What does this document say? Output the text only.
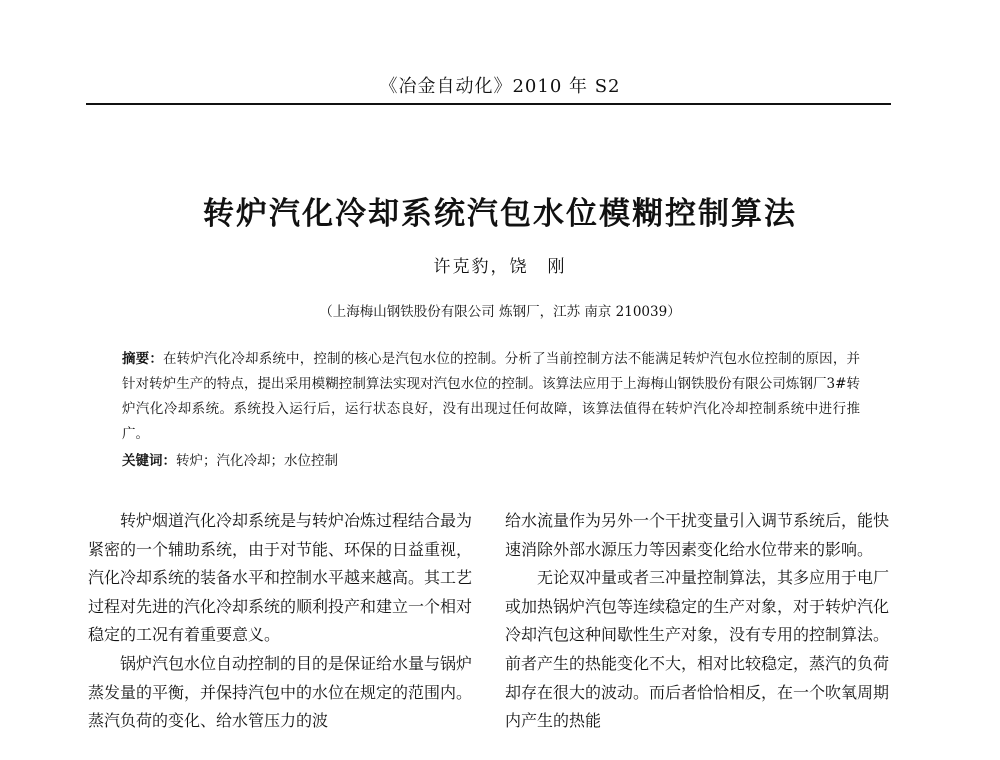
《冶金自动化》2010 年 S2
转炉汽化冷却系统汽包水位模糊控制算法
许克豹，饶　刚
（上海梅山钢铁股份有限公司 炼钢厂，江苏 南京 210039）
摘要：在转炉汽化冷却系统中，控制的核心是汽包水位的控制。分析了当前控制方法不能满足转炉汽包水位控制的原因，并针对转炉生产的特点，提出采用模糊控制算法实现对汽包水位的控制。该算法应用于上海梅山钢铁股份有限公司炼钢厂3#转炉汽化冷却系统。系统投入运行后，运行状态良好，没有出现过任何故障，该算法值得在转炉汽化冷却控制系统中进行推广。
关键词：转炉；汽化冷却；水位控制

转炉烟道汽化冷却系统是与转炉冶炼过程结合最为紧密的一个辅助系统，由于对节能、环保的日益重视，汽化冷却系统的装备水平和控制水平越来越高。其工艺过程对先进的汽化冷却系统的顺利投产和建立一个相对稳定的工况有着重要意义。

锅炉汽包水位自动控制的目的是保证给水量与锅炉蒸发量的平衡，并保持汽包中的水位在规定的范围内。蒸汽负荷的变化、给水管压力的波

给水流量作为另外一个干扰变量引入调节系统后，能快速消除外部水源压力等因素变化给水位带来的影响。

无论双冲量或者三冲量控制算法，其多应用于电厂或加热锅炉汽包等连续稳定的生产对象，对于转炉汽化冷却汽包这种间歇性生产对象，没有专用的控制算法。前者产生的热能变化不大，相对比较稳定，蒸汽的负荷却存在很大的波动。而后者恰恰相反，在一个吹氧周期内产生的热能
